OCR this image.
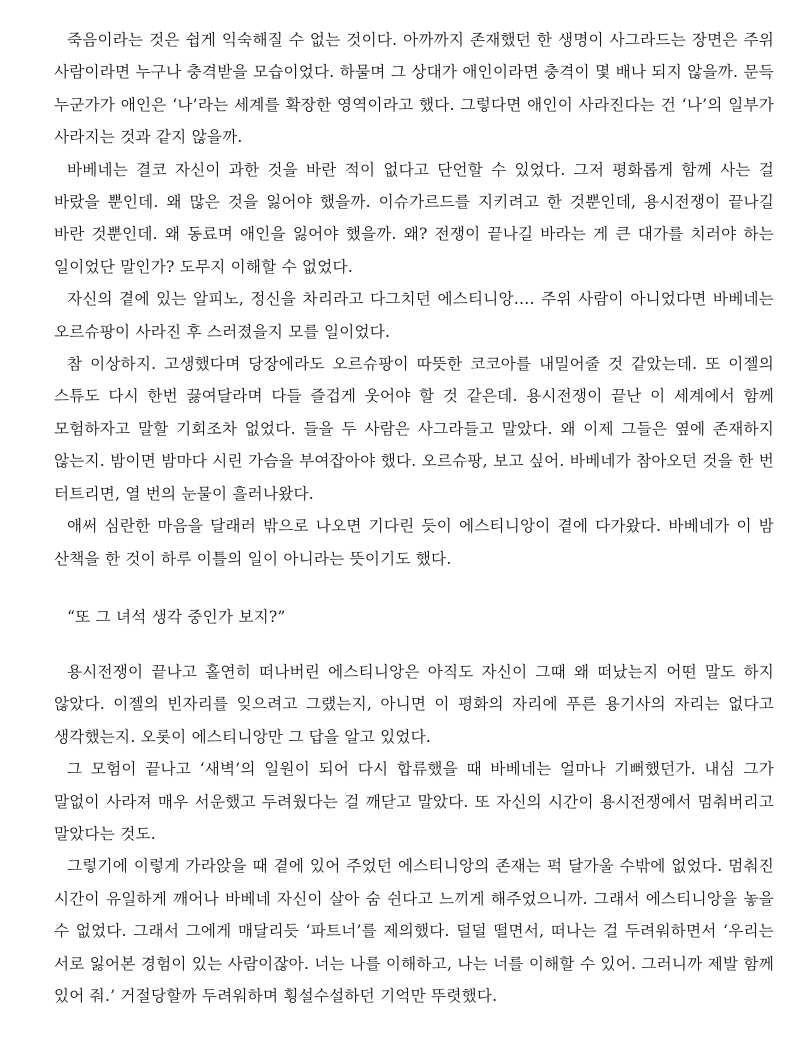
죽음이라는 것은 쉽게 익숙해질 수 없는 것이다. 아까까지 존재했던 한 생명이 사그라드는 장면은 주위 사람이라면 누구나 충격받을 모습이었다. 하물며 그 상대가 애인이라면 충격이 몇 배나 되지 않을까. 문득 누군가가 애인은 ‘나’라는 세계를 확장한 영역이라고 했다. 그렇다면 애인이 사라진다는 건 ‘나’의 일부가 사라지는 것과 같지 않을까.

바베네는 결코 자신이 과한 것을 바란 적이 없다고 단언할 수 있었다. 그저 평화롭게 함께 사는 걸 바랐을 뿐인데. 왜 많은 것을 잃어야 했을까. 이슈가르드를 지키려고 한 것뿐인데, 용시전쟁이 끝나길 바란 것뿐인데. 왜 동료며 애인을 잃어야 했을까. 왜? 전쟁이 끝나길 바라는 게 큰 대가를 치러야 하는 일이었단 말인가? 도무지 이해할 수 없었다.

자신의 곁에 있는 알피노, 정신을 차리라고 다그치던 에스티니앙…. 주위 사람이 아니었다면 바베네는 오르슈팡이 사라진 후 스러졌을지 모를 일이었다.

참 이상하지. 고생했다며 당장에라도 오르슈팡이 따뜻한 코코아를 내밀어줄 것 같았는데. 또 이젤의 스튜도 다시 한번 끓여달라며 다들 즐겁게 웃어야 할 것 같은데. 용시전쟁이 끝난 이 세계에서 함께 모험하자고 말할 기회조차 없었다. 들을 두 사람은 사그라들고 말았다. 왜 이제 그들은 옆에 존재하지 않는지. 밤이면 밤마다 시린 가슴을 부여잡아야 했다. 오르슈팡, 보고 싶어. 바베네가 참아오던 것을 한 번 터트리면, 열 번의 눈물이 흘러나왔다.

애써 심란한 마음을 달래러 밖으로 나오면 기다린 듯이 에스티니앙이 곁에 다가왔다. 바베네가 이 밤 산책을 한 것이 하루 이틀의 일이 아니라는 뜻이기도 했다.

“또 그 녀석 생각 중인가 보지?”

용시전쟁이 끝나고 홀연히 떠나버린 에스티니앙은 아직도 자신이 그때 왜 떠났는지 어떤 말도 하지 않았다. 이젤의 빈자리를 잊으려고 그랬는지, 아니면 이 평화의 자리에 푸른 용기사의 자리는 없다고 생각했는지. 오롯이 에스티니앙만 그 답을 알고 있었다.

그 모험이 끝나고 ‘새벽’의 일원이 되어 다시 합류했을 때 바베네는 얼마나 기뻐했던가. 내심 그가 말없이 사라져 매우 서운했고 두려웠다는 걸 깨닫고 말았다. 또 자신의 시간이 용시전쟁에서 멈춰버리고 말았다는 것도.

그렇기에 이렇게 가라앉을 때 곁에 있어 주었던 에스티니앙의 존재는 퍽 달가울 수밖에 없었다. 멈춰진 시간이 유일하게 깨어나 바베네 자신이 살아 숨 쉰다고 느끼게 해주었으니까. 그래서 에스티니앙을 놓을 수 없었다. 그래서 그에게 매달리듯 ‘파트너’를 제의했다. 덜덜 떨면서, 떠나는 걸 두려워하면서 ‘우리는 서로 잃어본 경험이 있는 사람이잖아. 너는 나를 이해하고, 나는 너를 이해할 수 있어. 그러니까 제발 함께 있어 줘.’ 거절당할까 두려워하며 횡설수설하던 기억만 뚜렷했다.
